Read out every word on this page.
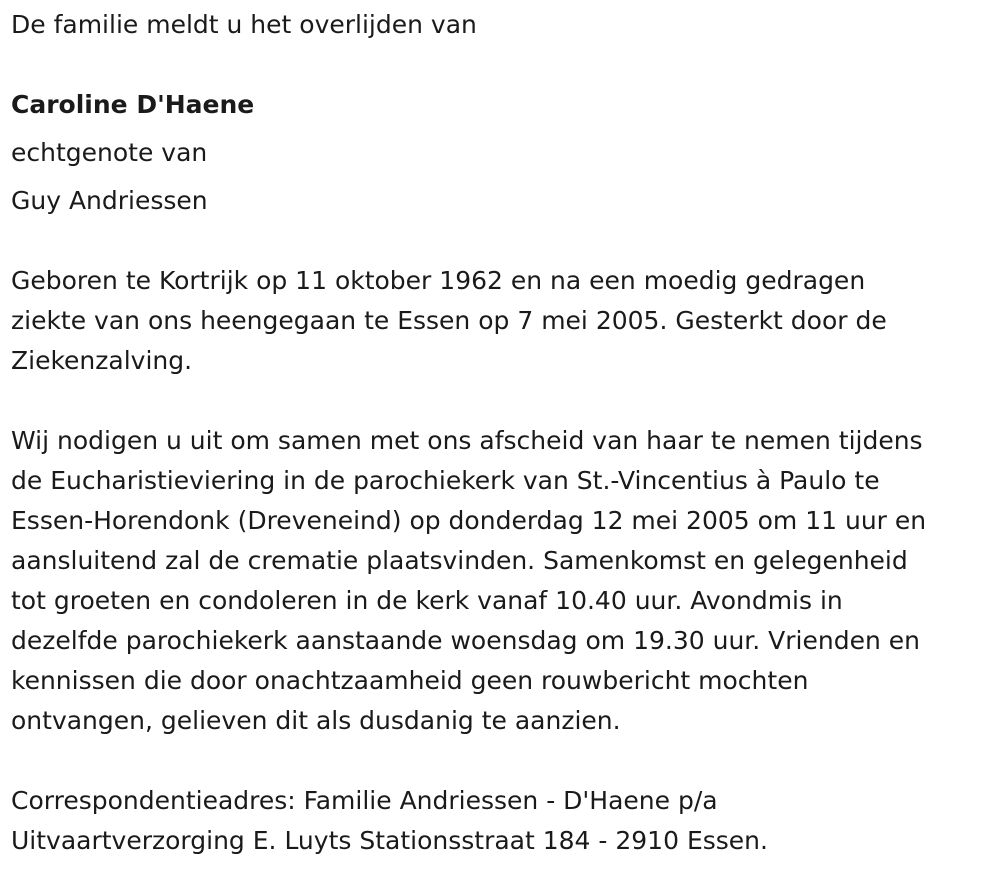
De familie meldt u het overlijden van
Caroline D'Haene
echtgenote van
Guy Andriessen
Geboren te Kortrijk op 11 oktober 1962 en na een moedig gedragen
ziekte van ons heengegaan te Essen op 7 mei 2005. Gesterkt door de
Ziekenzalving.
Wij nodigen u uit om samen met ons afscheid van haar te nemen tijdens
de Eucharistieviering in de parochiekerk van St.-Vincentius à Paulo te
Essen-Horendonk (Dreveneind) op donderdag 12 mei 2005 om 11 uur en
aansluitend zal de crematie plaatsvinden. Samenkomst en gelegenheid
tot groeten en condoleren in de kerk vanaf 10.40 uur. Avondmis in
dezelfde parochiekerk aanstaande woensdag om 19.30 uur. Vrienden en
kennissen die door onachtzaamheid geen rouwbericht mochten
ontvangen, gelieven dit als dusdanig te aanzien.
Correspondentieadres: Familie Andriessen - D'Haene p/a
Uitvaartverzorging E. Luyts Stationsstraat 184 - 2910 Essen.
